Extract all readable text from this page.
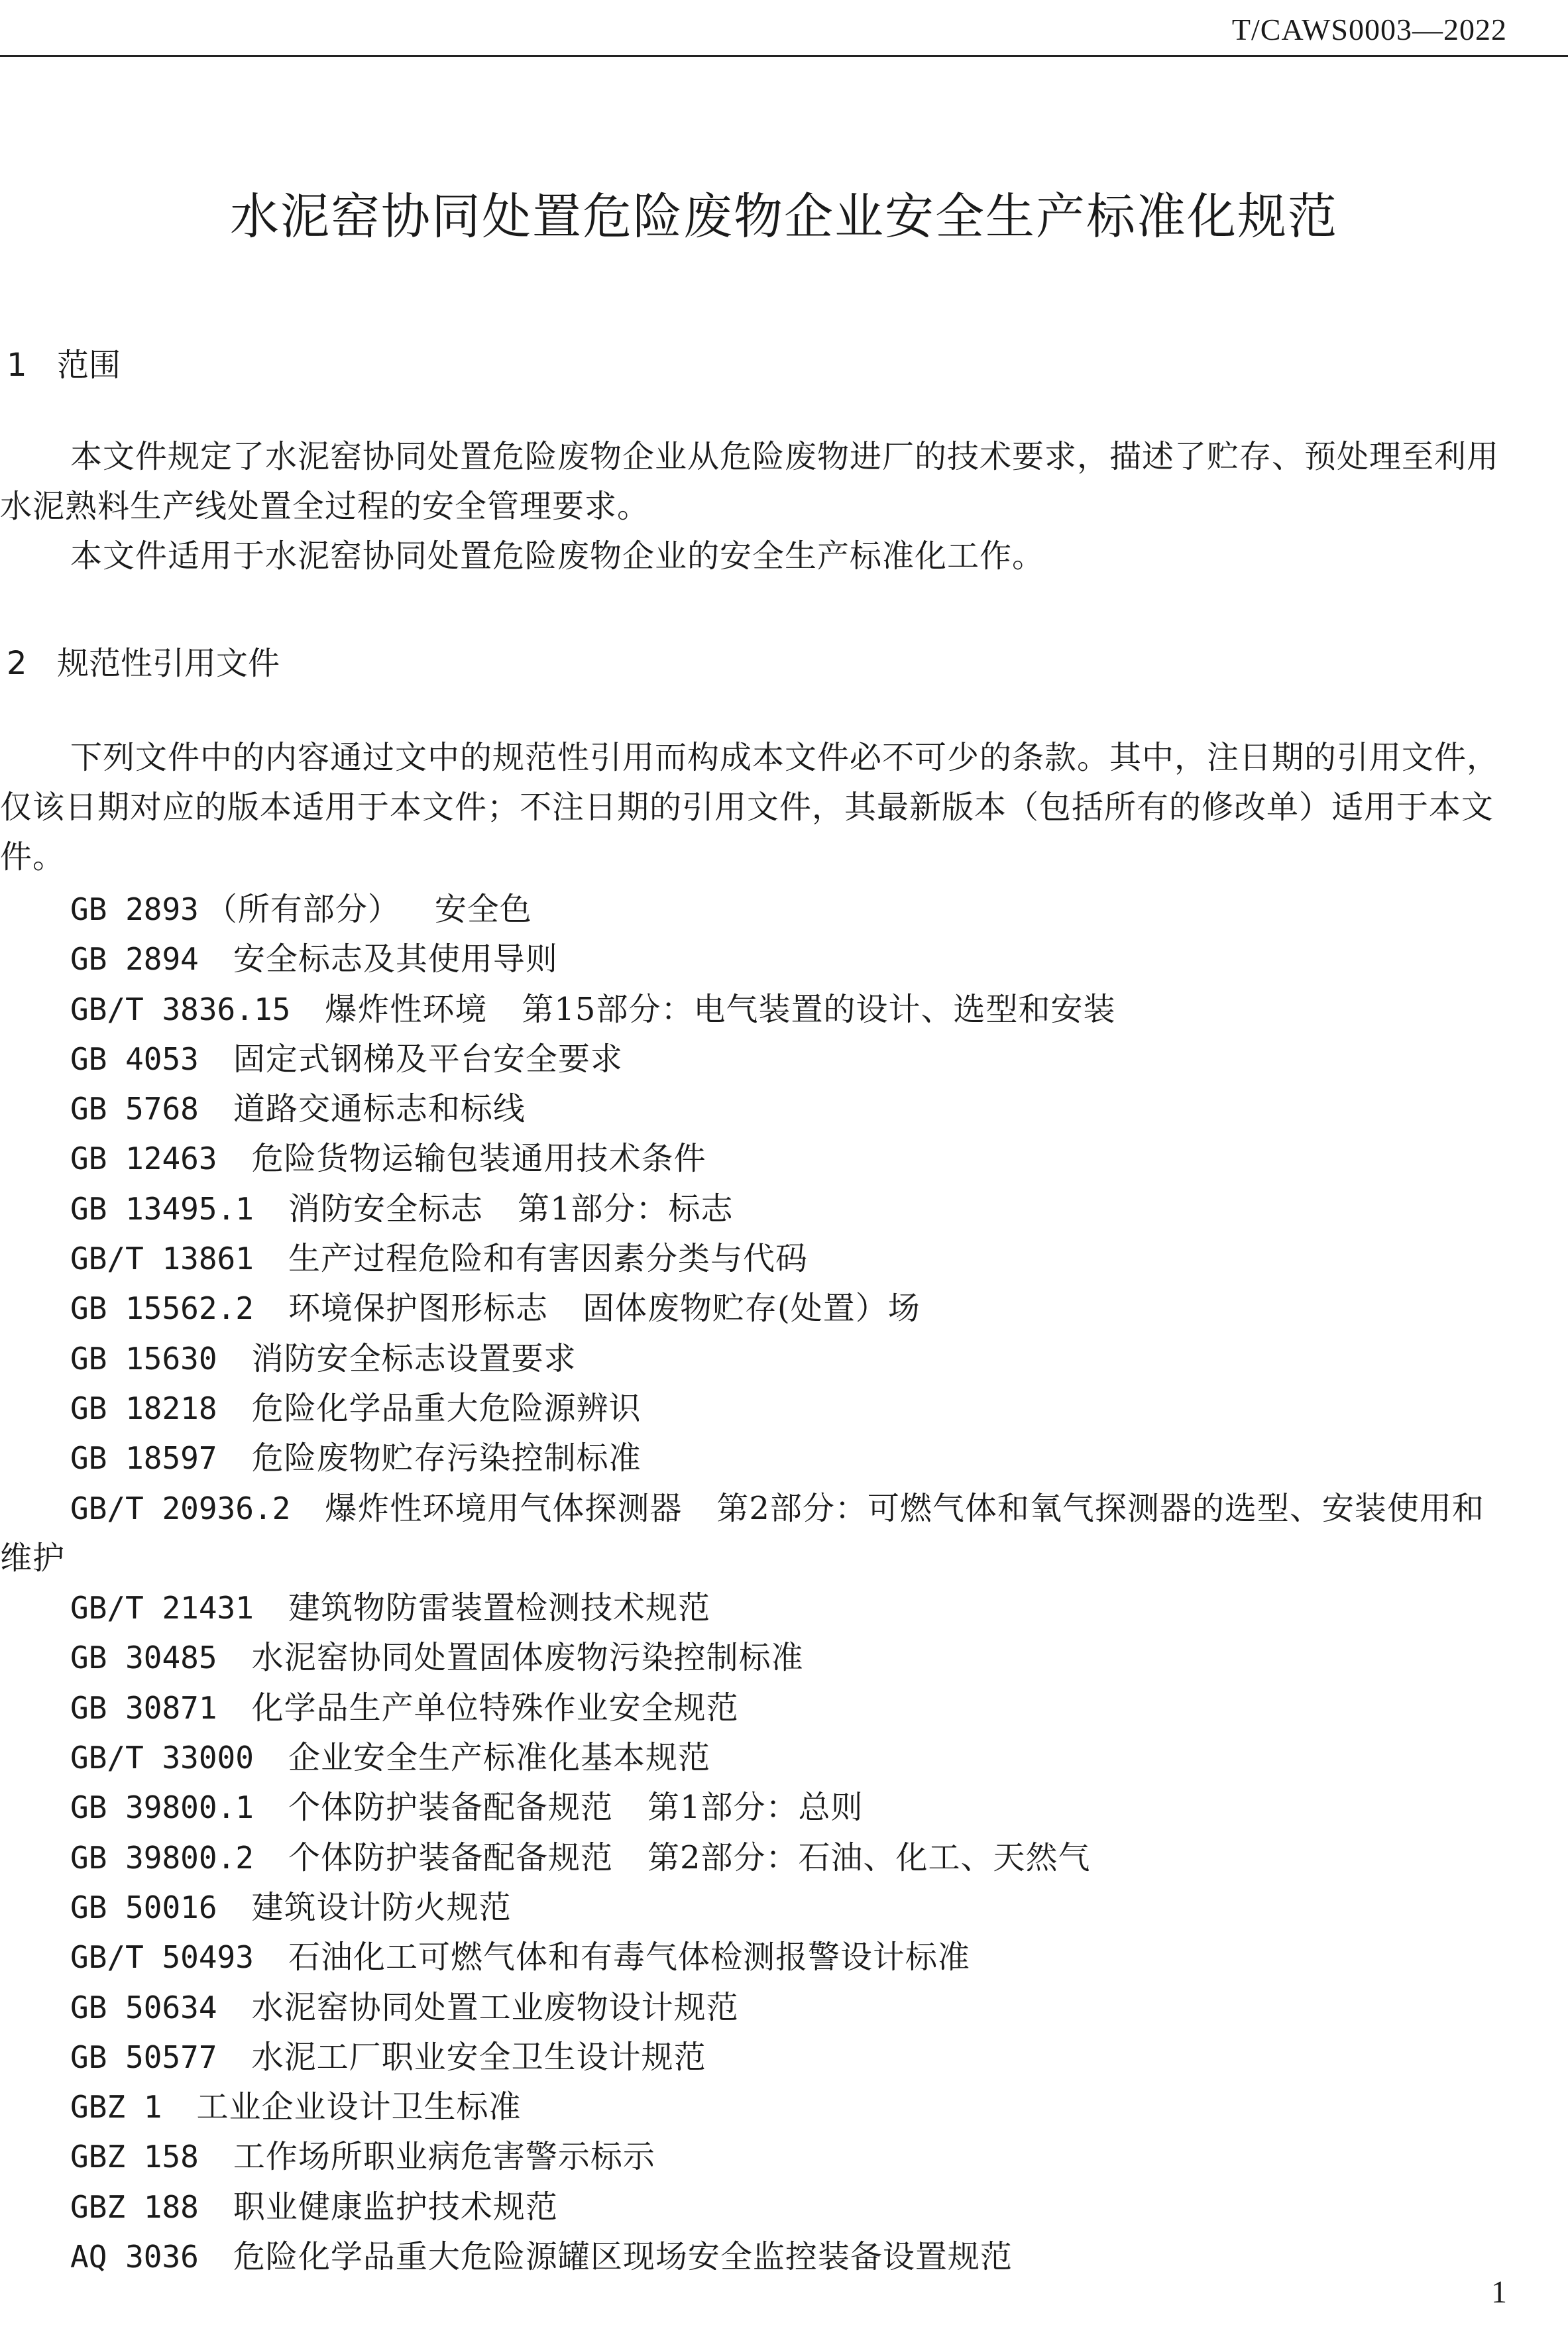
T/CAWS0003—2022
水泥窑协同处置危险废物企业安全生产标准化规范
1 范围

本文件规定了水泥窑协同处置危险废物企业从危险废物进厂的技术要求，描述了贮存、预处理至利用水泥熟料生产线处置全过程的安全管理要求。

本文件适用于水泥窑协同处置危险废物企业的安全生产标准化工作。

2 规范性引用文件

下列文件中的内容通过文中的规范性引用而构成本文件必不可少的条款。其中，注日期的引用文件，仅该日期对应的版本适用于本文件；不注日期的引用文件，其最新版本（包括所有的修改单）适用于本文件。

GB 2893 （所有部分） 安全色
GB 2894 安全标志及其使用导则
GB/T 3836.15 爆炸性环境 第15部分：电气装置的设计、选型和安装
GB 4053 固定式钢梯及平台安全要求
GB 5768 道路交通标志和标线
GB 12463 危险货物运输包装通用技术条件
GB 13495.1 消防安全标志 第1部分：标志
GB/T 13861 生产过程危险和有害因素分类与代码
GB 15562.2 环境保护图形标志 固体废物贮存(处置）场
GB 15630 消防安全标志设置要求
GB 18218 危险化学品重大危险源辨识
GB 18597 危险废物贮存污染控制标准
GB/T 20936.2 爆炸性环境用气体探测器 第2部分：可燃气体和氧气探测器的选型、安装使用和维护
GB/T 21431 建筑物防雷装置检测技术规范
GB 30485 水泥窑协同处置固体废物污染控制标准
GB 30871 化学品生产单位特殊作业安全规范
GB/T 33000 企业安全生产标准化基本规范
GB 39800.1 个体防护装备配备规范 第1部分：总则
GB 39800.2 个体防护装备配备规范 第2部分：石油、化工、天然气
GB 50016 建筑设计防火规范
GB/T 50493 石油化工可燃气体和有毒气体检测报警设计标准
GB 50634 水泥窑协同处置工业废物设计规范
GB 50577 水泥工厂职业安全卫生设计规范
GBZ 1 工业企业设计卫生标准
GBZ 158 工作场所职业病危害警示标示
GBZ 188 职业健康监护技术规范
AQ 3036 危险化学品重大危险源罐区现场安全监控装备设置规范
1
